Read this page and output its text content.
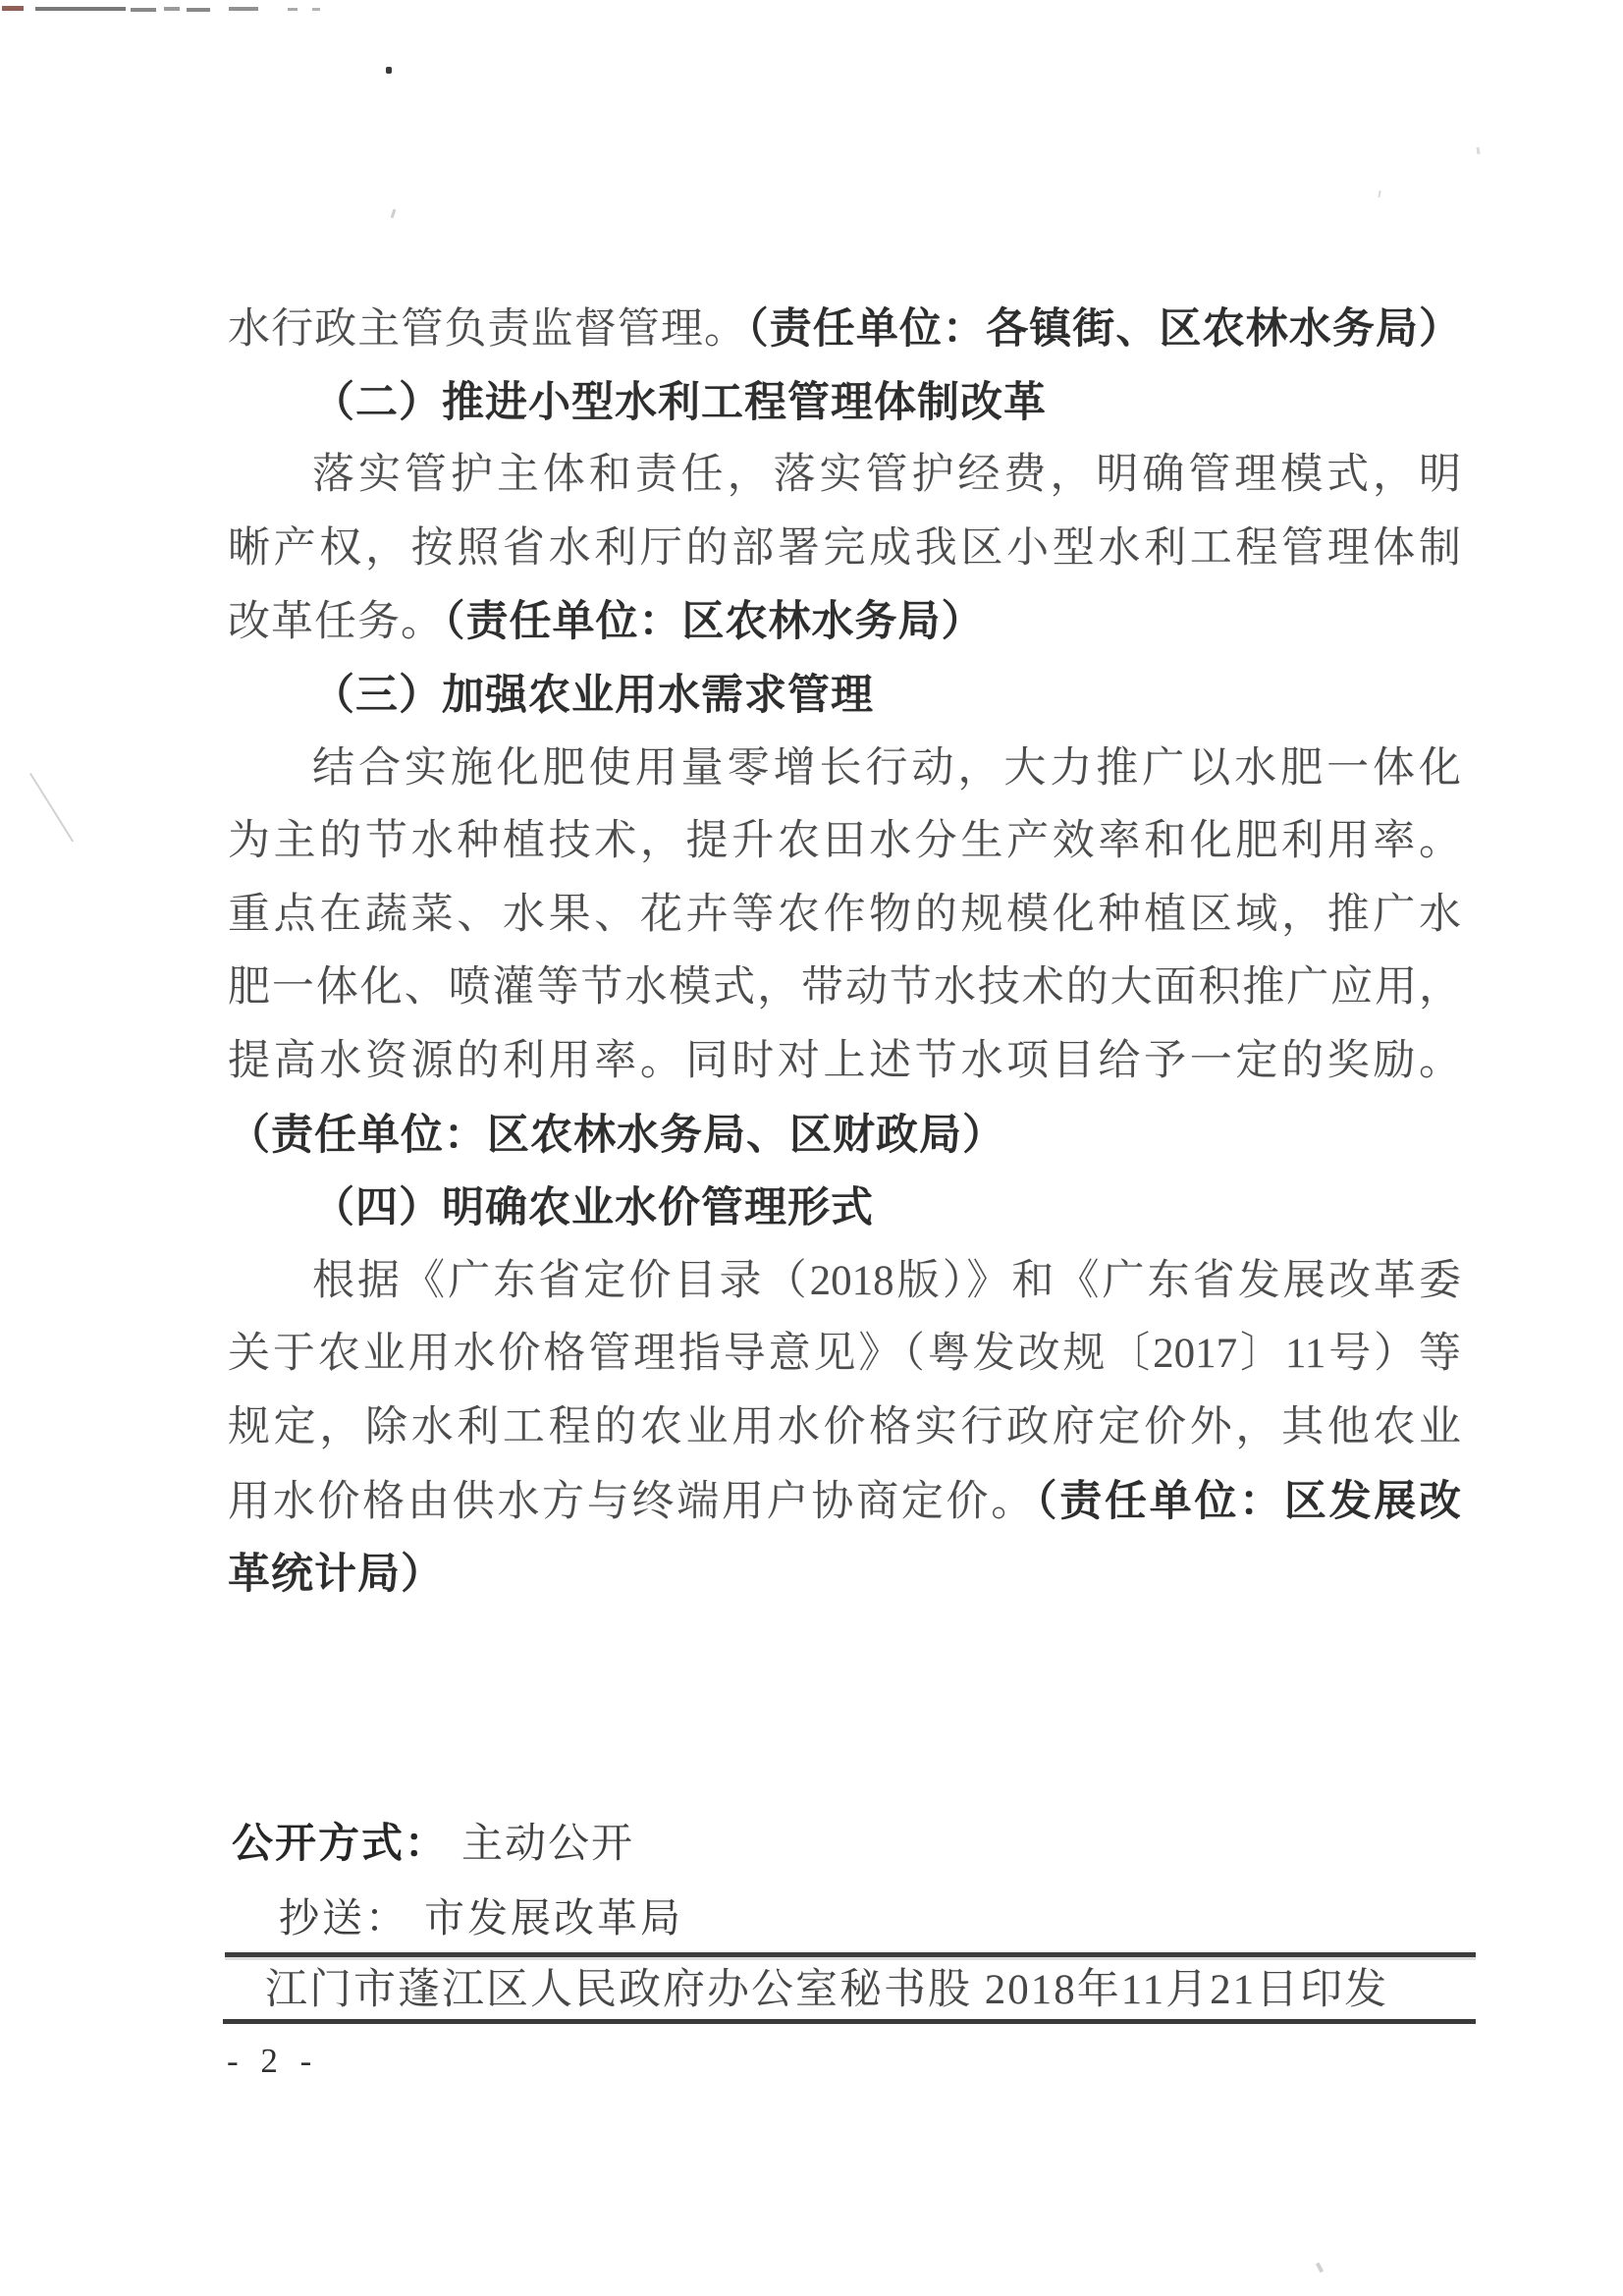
水行政主管负责监督管理。（责任单位：各镇街、区农林水务局）
（二）推进小型水利工程管理体制改革
落实管护主体和责任，落实管护经费，明确管理模式，明
晰产权，按照省水利厅的部署完成我区小型水利工程管理体制
改革任务。（责任单位：区农林水务局）
（三）加强农业用水需求管理
结合实施化肥使用量零增长行动，大力推广以水肥一体化
为主的节水种植技术，提升农田水分生产效率和化肥利用率。
重点在蔬菜、水果、花卉等农作物的规模化种植区域，推广水
肥一体化、喷灌等节水模式，带动节水技术的大面积推广应用，
提高水资源的利用率。同时对上述节水项目给予一定的奖励。
（责任单位：区农林水务局、区财政局）
（四）明确农业水价管理形式
根据《广东省定价目录（2018版）》和《广东省发展改革委
关于农业用水价格管理指导意见》（粤发改规〔2017〕11号）等
规定，除水利工程的农业用水价格实行政府定价外，其他农业
用水价格由供水方与终端用户协商定价。（责任单位：区发展改
革统计局）
公开方式： 主动公开
抄送： 市发展改革局
江门市蓬江区人民政府办公室秘书股 2018年11月21日印发
- 2 -
